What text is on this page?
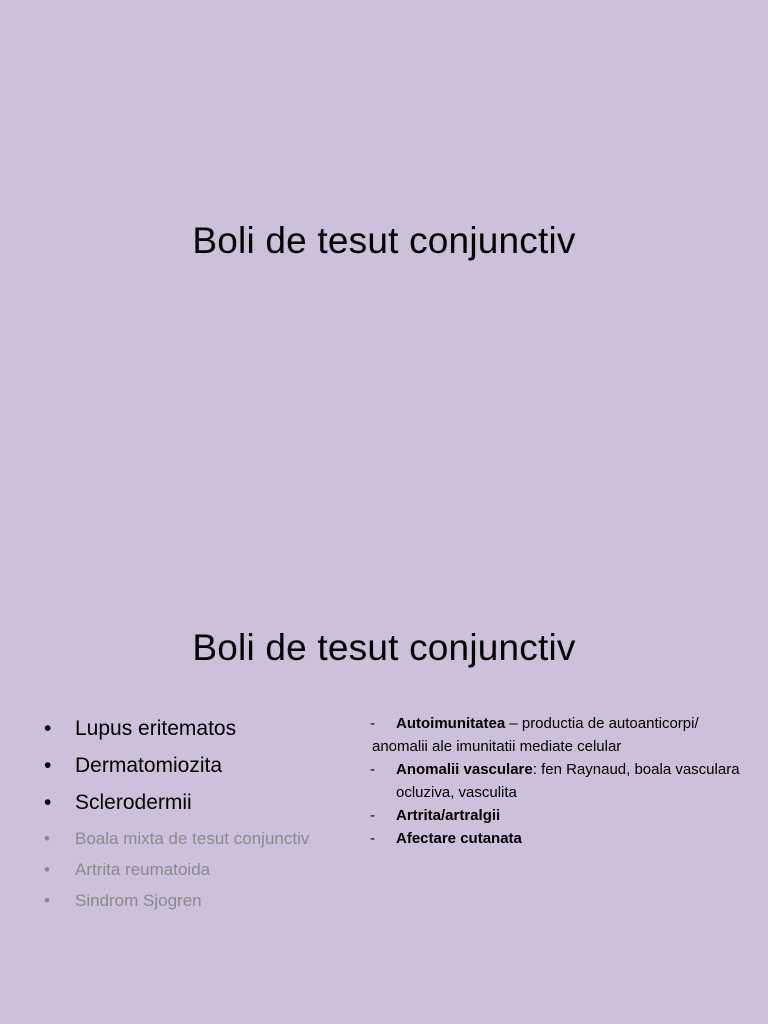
Boli de tesut conjunctiv
Boli de tesut conjunctiv
• Lupus eritematos
• Dermatomiozita
• Sclerodermii
• Boala mixta de tesut conjunctiv
• Artrita reumatoida
• Sindrom Sjogren
- Autoimunitatea – productia de autoanticorpi/
anomalii ale imunitatii mediate celular
- Anomalii vasculare: fen Raynaud, boala vasculara ocluziva, vasculita
- Artrita/artralgii
- Afectare cutanata
